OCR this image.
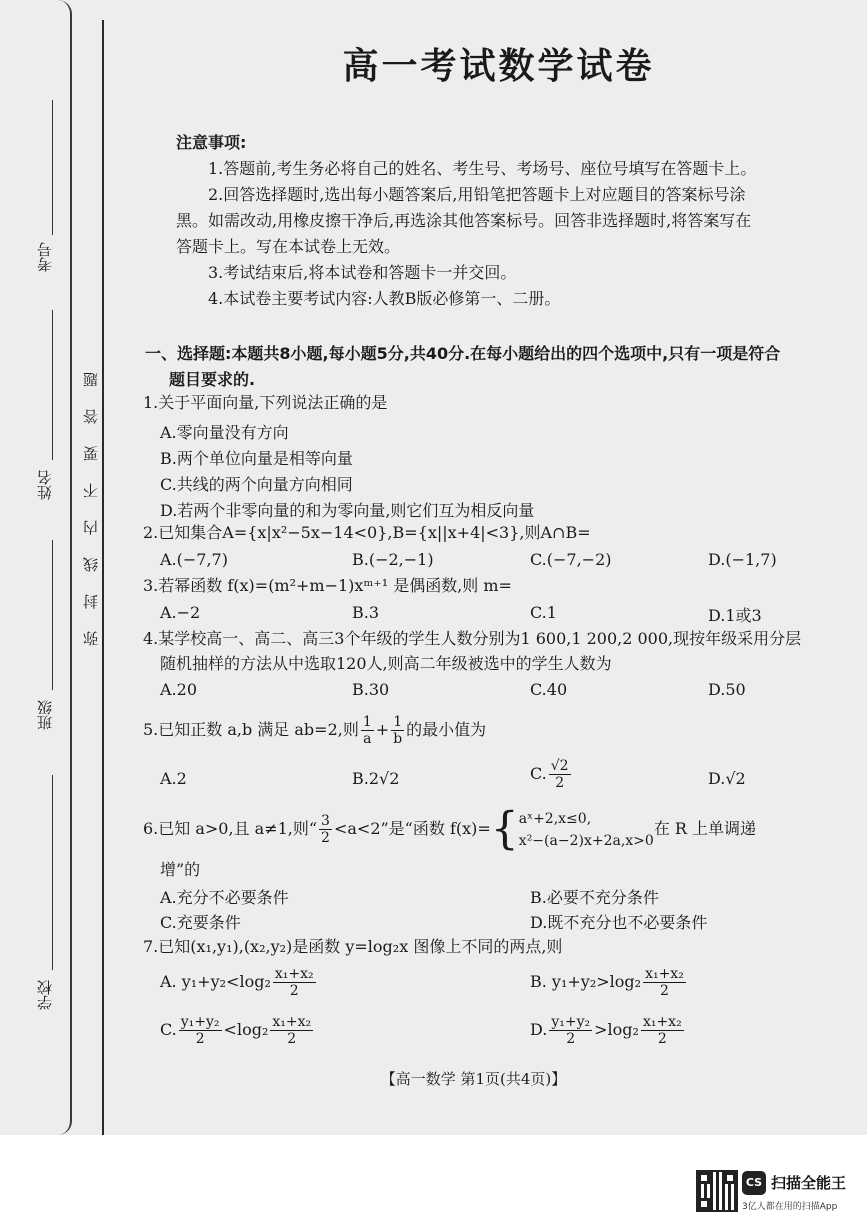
考号
姓名
班级
学校
弥封线内不要答题
高一考试数学试卷
注意事项:
1.答题前,考生务必将自己的姓名、考生号、考场号、座位号填写在答题卡上。
2.回答选择题时,选出每小题答案后,用铅笔把答题卡上对应题目的答案标号涂
黑。如需改动,用橡皮擦干净后,再选涂其他答案标号。回答非选择题时,将答案写在
答题卡上。写在本试卷上无效。
3.考试结束后,将本试卷和答题卡一并交回。
4.本试卷主要考试内容:人教B版必修第一、二册。
一、选择题:本题共8小题,每小题5分,共40分.在每小题给出的四个选项中,只有一项是符合
题目要求的.
1.关于平面向量,下列说法正确的是
A.零向量没有方向
B.两个单位向量是相等向量
C.共线的两个向量方向相同
D.若两个非零向量的和为零向量,则它们互为相反向量
2.已知集合A={x|x²−5x−14<0},B={x||x+4|<3},则A∩B=
A.(−7,7)	B.(−2,−1)	C.(−7,−2)	D.(−1,7)
3.若幂函数 f(x)=(m²+m−1)xᵐ⁺¹ 是偶函数,则 m=
A.−2	B.3	C.1	D.1或3
4.某学校高一、高二、高三3个年级的学生人数分别为1 600,1 200,2 000,现按年级采用分层
随机抽样的方法从中选取120人,则高二年级被选中的学生人数为
A.20	B.30	C.40	D.50
5.已知正数 a,b 满足 ab=2,则 $\frac{1}{a} + \frac{1}{b}$ 的最小值为
A.2	B.2√2	C. $\frac{√2}{2}$	D.√2
6.已知 a>0,且 a≠1,则“ $\frac{3}{2} <a<2$”是“函数 f(x)={ aˣ+2,x≤0,
x²−(a−2)x+2a,x>0
在 R 上单调递
增”的
A.充分不必要条件	B.必要不充分条件
C.充要条件	D.既不充分也不必要条件
7.已知(x₁,y₁),(x₂,y₂)是函数 y=log₂x 图像上不同的两点,则
A. $y_1+y_2<\log_2 \frac{\text{x₁+x₂}}{2}$	B. $y_1+y_2>\log_2 \frac{\text{x₁+x₂}}{2}$
C. $\frac{\text{y₁+y₂}}{2} <\log_2 \frac{\text{x₁+x₂}}{2}$	D. $\frac{\text{y₁+y₂}}{2} >\log_2 \frac{\text{x₁+x₂}}{2}$
【高一数学 第1页(共4页)】
CS 扫描全能王
3亿人都在用的扫描App
